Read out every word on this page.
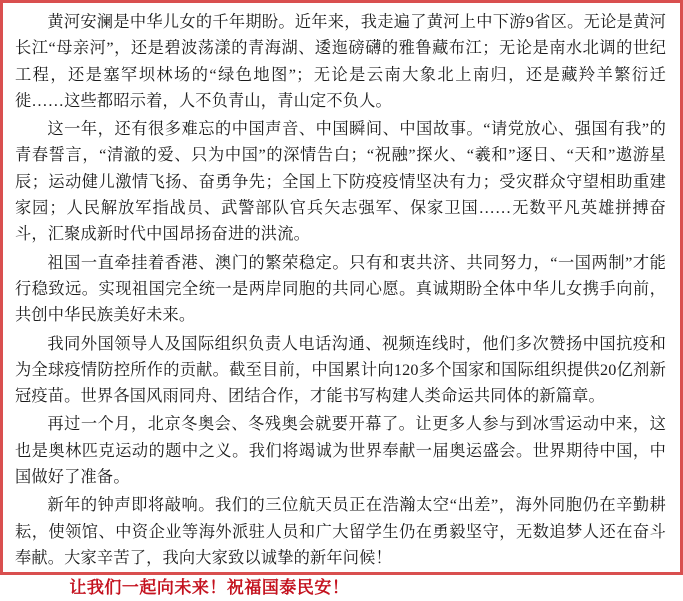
黄河安澜是中华儿女的千年期盼。近年来，我走遍了黄河上中下游9省区。无论是黄河长江“母亲河”，还是碧波荡漾的青海湖、逶迤磅礴的雅鲁藏布江；无论是南水北调的世纪工程，还是塞罕坝林场的“绿色地图”；无论是云南大象北上南归，还是藏羚羊繁衍迁徙……这些都昭示着，人不负青山，青山定不负人。

这一年，还有很多难忘的中国声音、中国瞬间、中国故事。“请党放心、强国有我”的青春誓言，“清澈的爱、只为中国”的深情告白；“祝融”探火、“羲和”逐日、“天和”遨游星辰；运动健儿激情飞扬、奋勇争先；全国上下防疫疫情坚决有力；受灾群众守望相助重建家园；人民解放军指战员、武警部队官兵矢志强军、保家卫国……无数平凡英雄拼搏奋斗，汇聚成新时代中国昂扬奋进的洪流。

祖国一直牵挂着香港、澳门的繁荣稳定。只有和衷共济、共同努力，“一国两制”才能行稳致远。实现祖国完全统一是两岸同胞的共同心愿。真诚期盼全体中华儿女携手向前，共创中华民族美好未来。

我同外国领导人及国际组织负责人电话沟通、视频连线时，他们多次赞扬中国抗疫和为全球疫情防控所作的贡献。截至目前，中国累计向120多个国家和国际组织提供20亿剂新冠疫苗。世界各国风雨同舟、团结合作，才能书写构建人类命运共同体的新篇章。

再过一个月，北京冬奥会、冬残奥会就要开幕了。让更多人参与到冰雪运动中来，这也是奥林匹克运动的题中之义。我们将竭诚为世界奉献一届奥运盛会。世界期待中国，中国做好了准备。

新年的钟声即将敲响。我们的三位航天员正在浩瀚太空“出差”，海外同胞仍在辛勤耕耘，使领馆、中资企业等海外派驻人员和广大留学生仍在勇毅坚守，无数追梦人还在奋斗奉献。大家辛苦了，我向大家致以诚挚的新年问候！

让我们一起向未来！祝福国泰民安！
